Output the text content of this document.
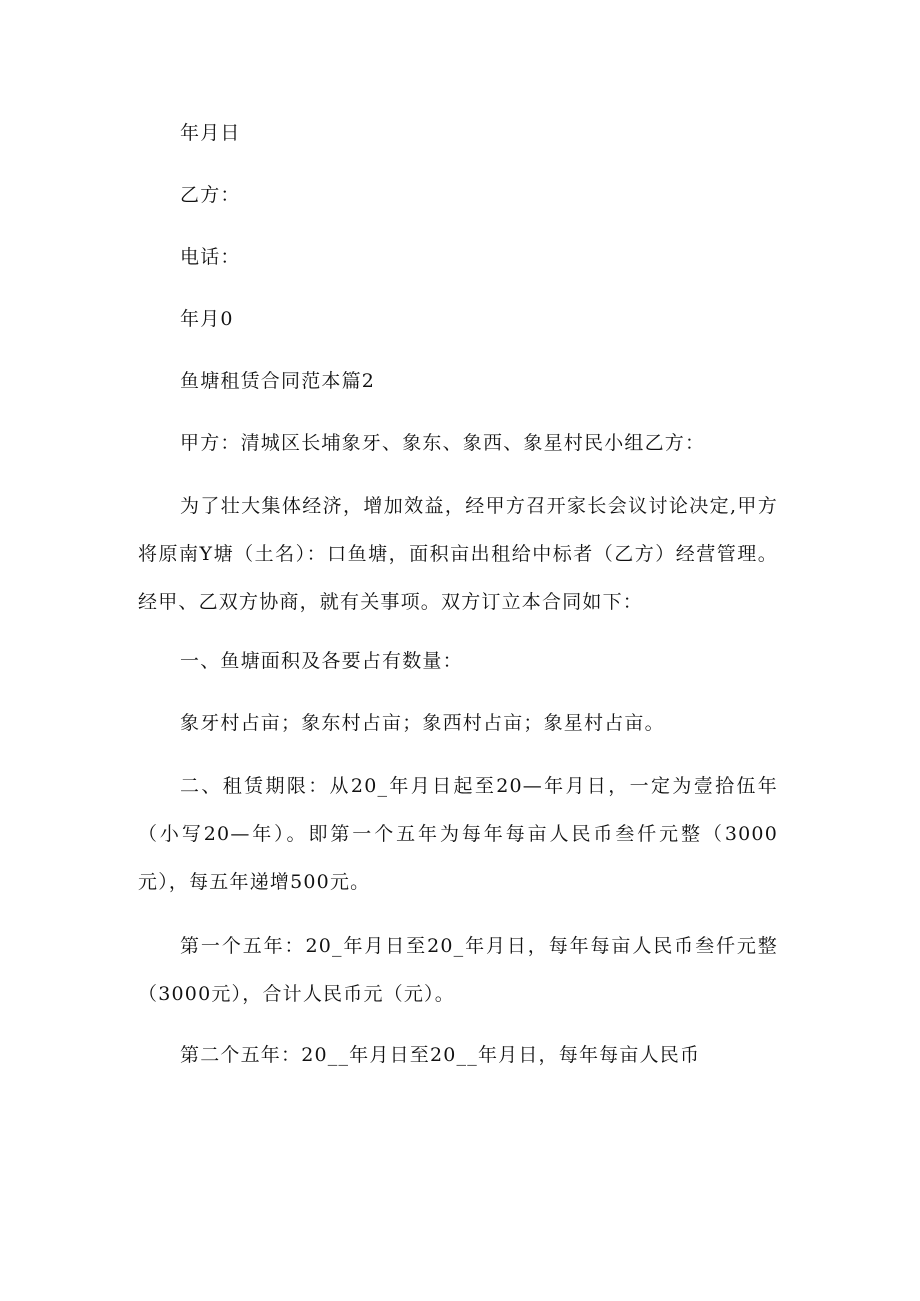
年月日
乙方：
电话：
年月0
鱼塘租赁合同范本篇2
甲方：清城区长埔象牙、象东、象西、象星村民小组乙方：
为了壮大集体经济，增加效益，经甲方召开家长会议讨论决定,甲方将原南Y塘（土名）：口鱼塘，面积亩出租给中标者（乙方）经营管理。经甲、乙双方协商，就有关事项。双方订立本合同如下：
一、鱼塘面积及各要占有数量：
象牙村占亩；象东村占亩；象西村占亩；象星村占亩。
二、租赁期限：从20_年月日起至20—年月日，一定为壹拾伍年（小写20—年）。即第一个五年为每年每亩人民币叁仟元整（3000元），每五年递增500元。
第一个五年：20_年月日至20_年月日，每年每亩人民币叁仟元整（3000元），合计人民币元（元）。
第二个五年：20__年月日至20__年月日，每年每亩人民币
